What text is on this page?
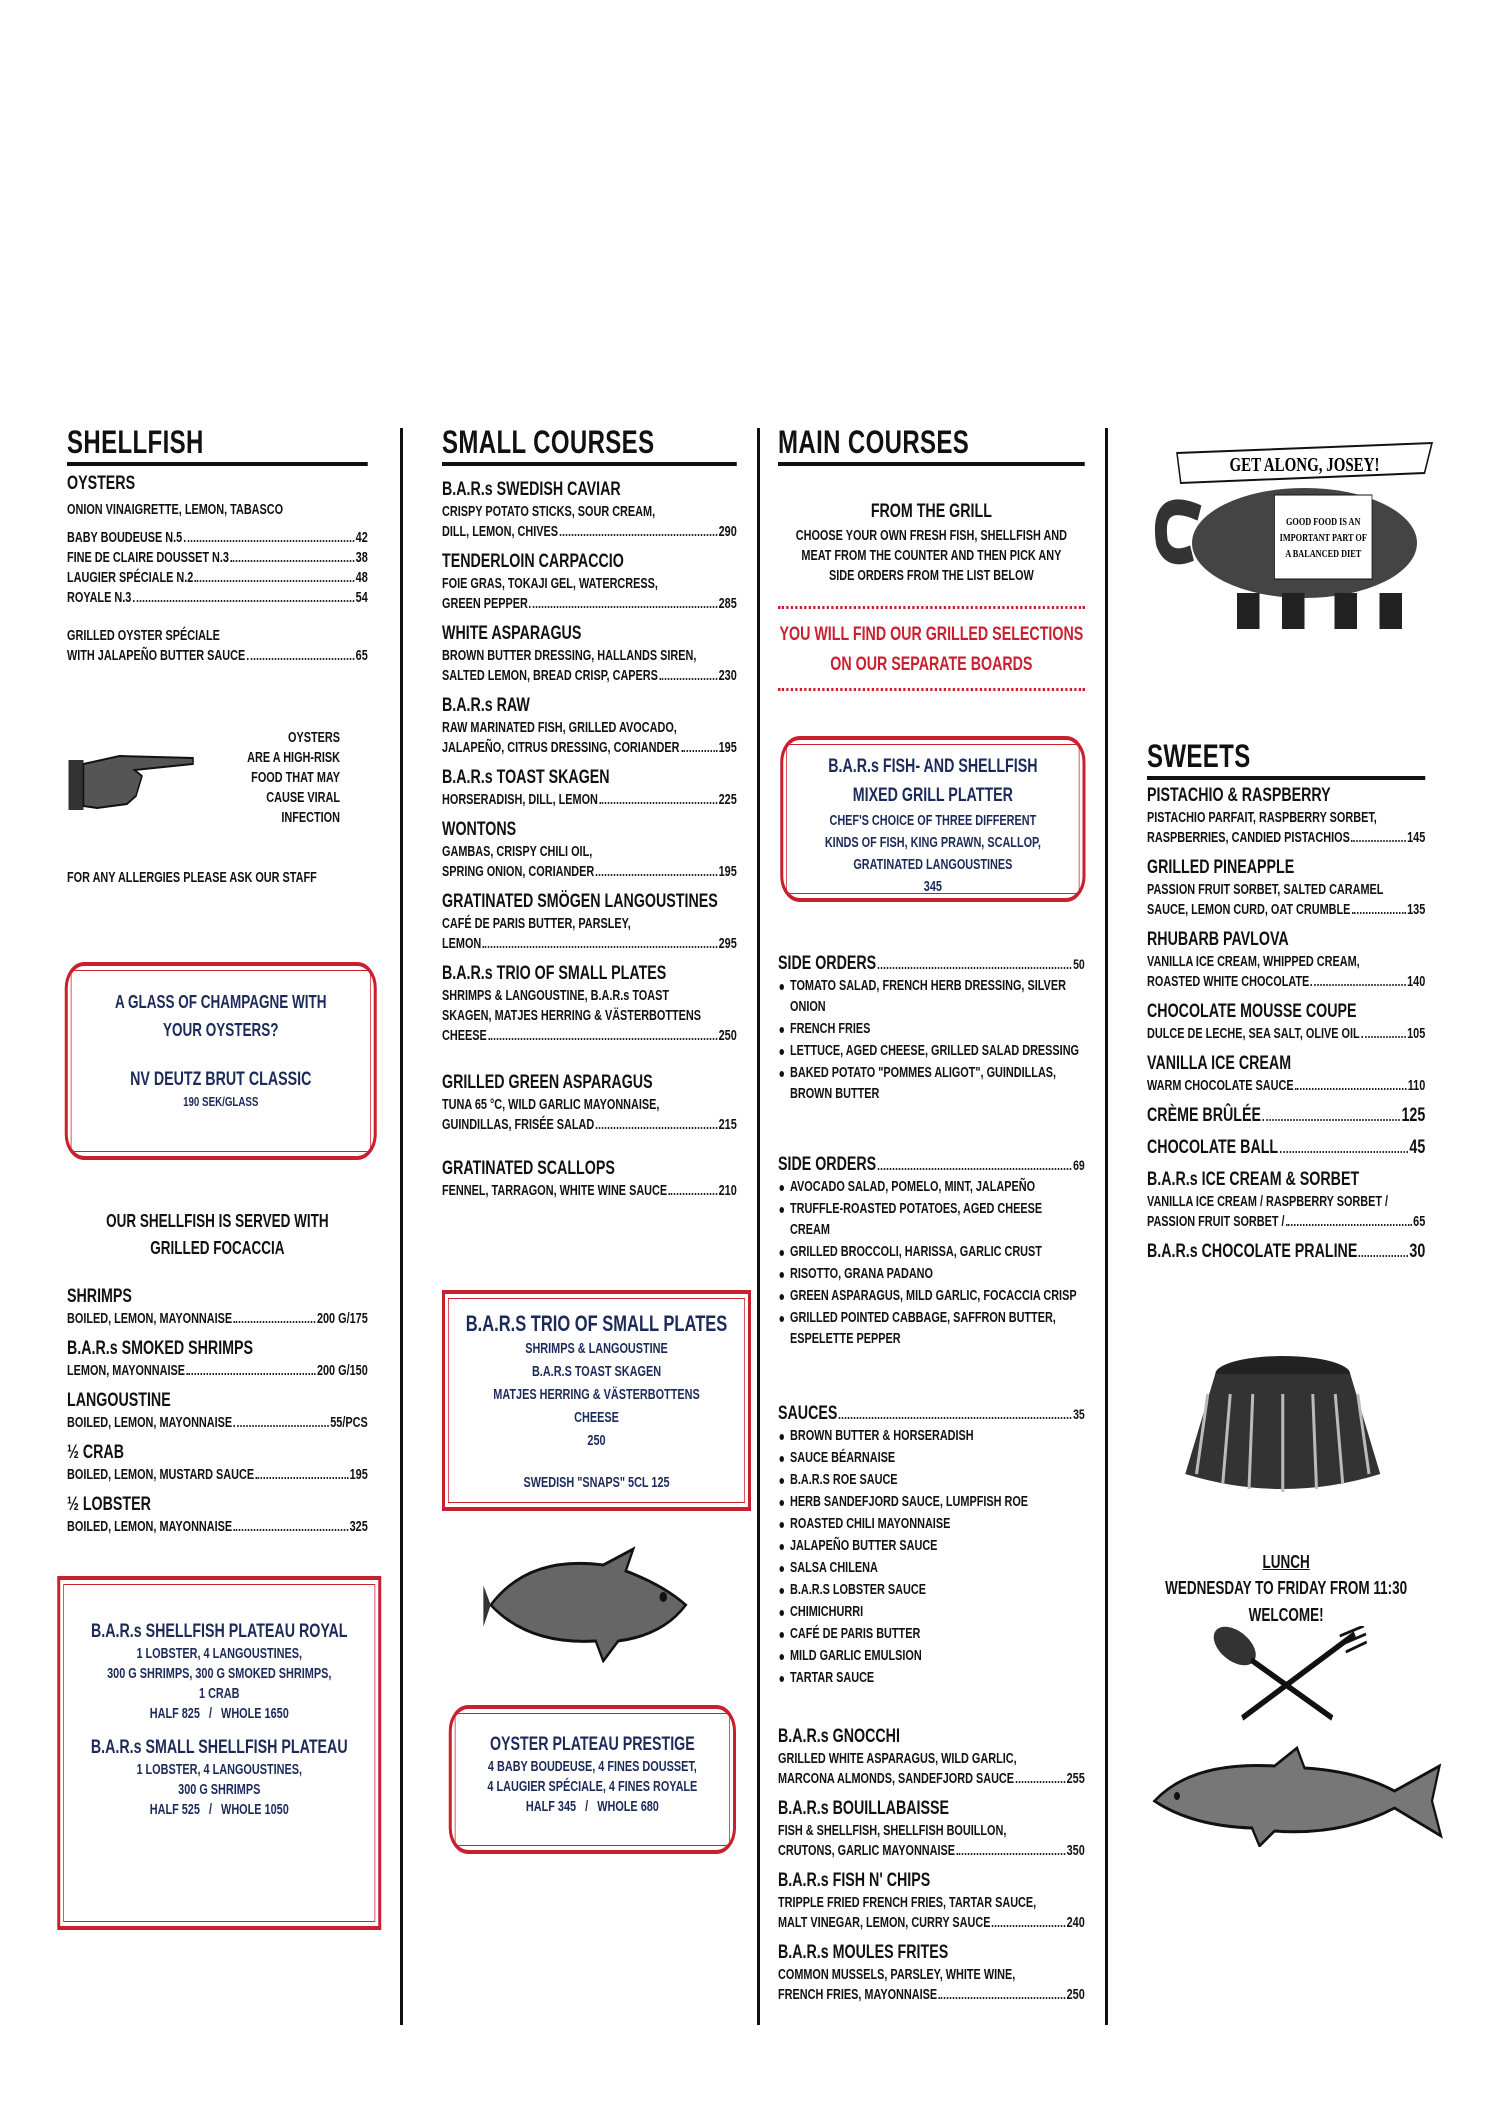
SHELLFISH
OYSTERS
ONION VINAIGRETTE, LEMON, TABASCO
BABY BOUDEUSE N.5	42
FINE DE CLAIRE DOUSSET N.3	38
LAUGIER SPÉCIALE N.2	48
ROYALE N.3	54
GRILLED OYSTER SPÉCIALE
WITH JALAPEÑO BUTTER SAUCE	65
OYSTERS
ARE A HIGH-RISK
FOOD THAT MAY
CAUSE VIRAL
INFECTION
FOR ANY ALLERGIES PLEASE ASK OUR STAFF
A GLASS OF CHAMPAGNE WITH
YOUR OYSTERS?
NV DEUTZ BRUT CLASSIC
190 SEK/GLASS
OUR SHELLFISH IS SERVED WITH
GRILLED FOCACCIA
SHRIMPS
BOILED, LEMON, MAYONNAISE	200 G/175
B.A.R.s SMOKED SHRIMPS
LEMON, MAYONNAISE	200 G/150
LANGOUSTINE
BOILED, LEMON, MAYONNAISE	55/PCS
½ CRAB
BOILED, LEMON, MUSTARD SAUCE	195
½ LOBSTER
BOILED, LEMON, MAYONNAISE	325
B.A.R.s SHELLFISH PLATEAU ROYAL
1 LOBSTER, 4 LANGOUSTINES,
300 G SHRIMPS, 300 G SMOKED SHRIMPS,
1 CRAB
HALF 825   /   WHOLE 1650
B.A.R.s SMALL SHELLFISH PLATEAU
1 LOBSTER, 4 LANGOUSTINES,
300 G SHRIMPS
HALF 525   /   WHOLE 1050
SMALL COURSES
B.A.R.s SWEDISH CAVIAR
CRISPY POTATO STICKS, SOUR CREAM,
DILL, LEMON, CHIVES	290
TENDERLOIN CARPACCIO
FOIE GRAS, TOKAJI GEL, WATERCRESS,
GREEN PEPPER	285
WHITE ASPARAGUS
BROWN BUTTER DRESSING, HALLANDS SIREN,
SALTED LEMON, BREAD CRISP, CAPERS	230
B.A.R.s RAW
RAW MARINATED FISH, GRILLED AVOCADO,
JALAPEÑO, CITRUS DRESSING, CORIANDER	195
B.A.R.s TOAST SKAGEN
HORSERADISH, DILL, LEMON	225
WONTONS
GAMBAS, CRISPY CHILI OIL,
SPRING ONION, CORIANDER	195
GRATINATED SMÖGEN LANGOUSTINES
CAFÉ DE PARIS BUTTER, PARSLEY,
LEMON	295
B.A.R.s TRIO OF SMALL PLATES
SHRIMPS & LANGOUSTINE, B.A.R.s TOAST
SKAGEN, MATJES HERRING & VÄSTERBOTTENS
CHEESE	250
GRILLED GREEN ASPARAGUS
TUNA 65 °C, WILD GARLIC MAYONNAISE,
GUINDILLAS, FRISÉE SALAD	215
GRATINATED SCALLOPS
FENNEL, TARRAGON, WHITE WINE SAUCE	210
B.A.R.S TRIO OF SMALL PLATES
SHRIMPS & LANGOUSTINE
B.A.R.S TOAST SKAGEN
MATJES HERRING & VÄSTERBOTTENS
CHEESE
250
SWEDISH "SNAPS" 5CL 125
OYSTER PLATEAU PRESTIGE
4 BABY BOUDEUSE, 4 FINES DOUSSET,
4 LAUGIER SPÉCIALE, 4 FINES ROYALE
HALF 345   /   WHOLE 680
MAIN COURSES
FROM THE GRILL
CHOOSE YOUR OWN FRESH FISH, SHELLFISH AND
MEAT FROM THE COUNTER AND THEN PICK ANY
SIDE ORDERS FROM THE LIST BELOW
YOU WILL FIND OUR GRILLED SELECTIONS
ON OUR SEPARATE BOARDS
B.A.R.s FISH- AND SHELLFISH
MIXED GRILL PLATTER
CHEF'S CHOICE OF THREE DIFFERENT
KINDS OF FISH, KING PRAWN, SCALLOP,
GRATINATED LANGOUSTINES
345
SIDE ORDERS	50
TOMATO SALAD, FRENCH HERB DRESSING, SILVER ONION
FRENCH FRIES
LETTUCE, AGED CHEESE, GRILLED SALAD DRESSING
BAKED POTATO "POMMES ALIGOT", GUINDILLAS, BROWN BUTTER
SIDE ORDERS	69
AVOCADO SALAD, POMELO, MINT, JALAPEÑO
TRUFFLE-ROASTED POTATOES, AGED CHEESE CREAM
GRILLED BROCCOLI, HARISSA, GARLIC CRUST
RISOTTO, GRANA PADANO
GREEN ASPARAGUS, MILD GARLIC, FOCACCIA CRISP
GRILLED POINTED CABBAGE, SAFFRON BUTTER, ESPELETTE PEPPER
SAUCES	35
BROWN BUTTER & HORSERADISH
SAUCE BÉARNAISE
B.A.R.S ROE SAUCE
HERB SANDEFJORD SAUCE, LUMPFISH ROE
ROASTED CHILI MAYONNAISE
JALAPEÑO BUTTER SAUCE
SALSA CHILENA
B.A.R.S LOBSTER SAUCE
CHIMICHURRI
CAFÉ DE PARIS BUTTER
MILD GARLIC EMULSION
TARTAR SAUCE
B.A.R.s GNOCCHI
GRILLED WHITE ASPARAGUS, WILD GARLIC,
MARCONA ALMONDS, SANDEFJORD SAUCE	255
B.A.R.s BOUILLABAISSE
FISH & SHELLFISH, SHELLFISH BOUILLON,
CRUTONS, GARLIC MAYONNAISE	350
B.A.R.s FISH N' CHIPS
TRIPPLE FRIED FRENCH FRIES, TARTAR SAUCE,
MALT VINEGAR, LEMON, CURRY SAUCE	240
B.A.R.s MOULES FRITES
COMMON MUSSELS, PARSLEY, WHITE WINE,
FRENCH FRIES, MAYONNAISE	250
GET ALONG, JOSEY!
GOOD FOOD IS AN
IMPORTANT PART OF
A BALANCED DIET
SWEETS
PISTACHIO & RASPBERRY
PISTACHIO PARFAIT, RASPBERRY SORBET,
RASPBERRIES, CANDIED PISTACHIOS	145
GRILLED PINEAPPLE
PASSION FRUIT SORBET, SALTED CARAMEL
SAUCE, LEMON CURD, OAT CRUMBLE	135
RHUBARB PAVLOVA
VANILLA ICE CREAM, WHIPPED CREAM,
ROASTED WHITE CHOCOLATE	140
CHOCOLATE MOUSSE COUPE
DULCE DE LECHE, SEA SALT, OLIVE OIL	105
VANILLA ICE CREAM
WARM CHOCOLATE SAUCE	110
CRÈME BRÛLÉE	125
CHOCOLATE BALL	45
B.A.R.s ICE CREAM & SORBET
VANILLA ICE CREAM / RASPBERRY SORBET /
PASSION FRUIT SORBET /	65
B.A.R.s CHOCOLATE PRALINE	30
LUNCH
WEDNESDAY TO FRIDAY FROM 11:30
WELCOME!
